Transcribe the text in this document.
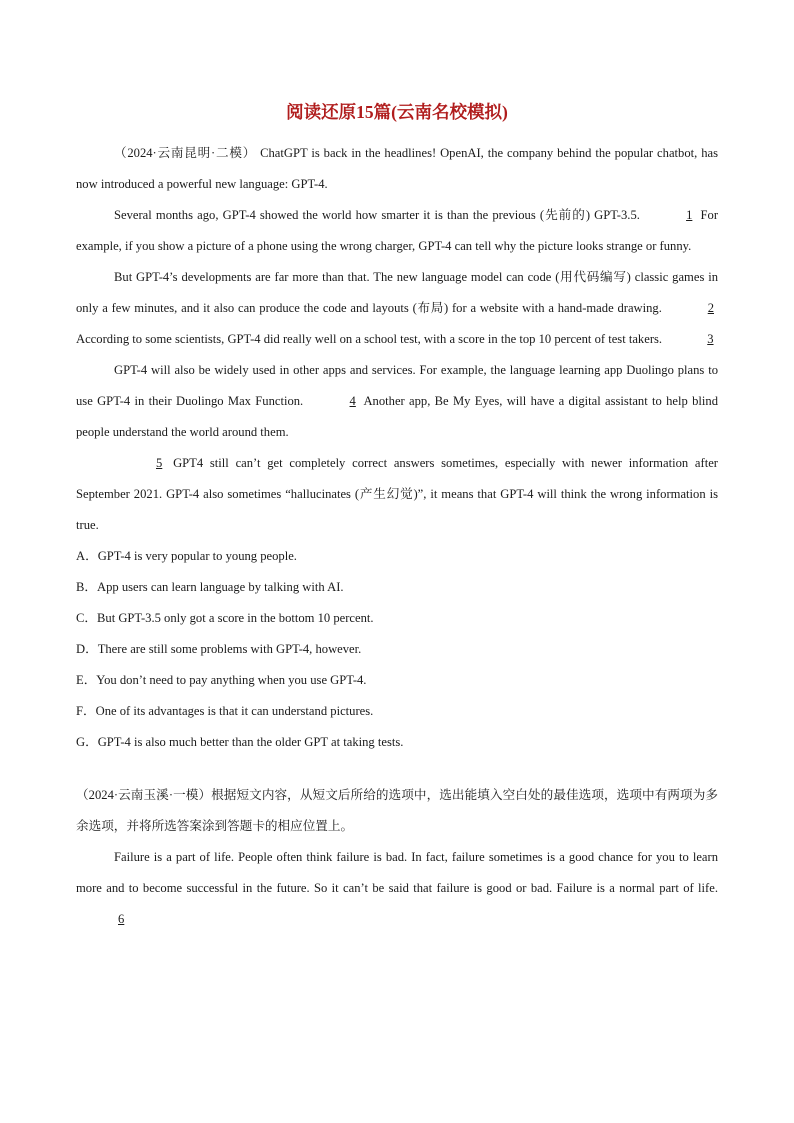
阅读还原15篇(云南名校模拟)

（2024·云南昆明·二模） ChatGPT is back in the headlines! OpenAI, the company behind the popular chatbot, has now introduced a powerful new language: GPT-4.

Several months ago, GPT-4 showed the world how smarter it is than the previous (先前的) GPT-3.5.	1 For example, if you show a picture of a phone using the wrong charger, GPT-4 can tell why the picture looks strange or funny.

But GPT-4’s developments are far more than that. The new language model can code (用代码编写) classic games in only a few minutes, and it also can produce the code and layouts (布局) for a website with a hand-made drawing.	2 According to some scientists, GPT-4 did really well on a school test, with a score in the top 10 percent of test takers.	3

GPT-4 will also be widely used in other apps and services. For example, the language learning app Duolingo plans to use GPT-4 in their Duolingo Max Function.	4 Another app, Be My Eyes, will have a digital assistant to help blind people understand the world around them.

5 GPT4 still can’t get completely correct answers sometimes, especially with newer information after September 2021. GPT-4 also sometimes “hallucinates (产生幻觉)”, it means that GPT-4 will think the wrong information is true.

A．GPT-4 is very popular to young people.

B．App users can learn language by talking with AI.

C．But GPT-3.5 only got a score in the bottom 10 percent.

D．There are still some problems with GPT-4, however.

E．You don’t need to pay anything when you use GPT-4.

F．One of its advantages is that it can understand pictures.

G．GPT-4 is also much better than the older GPT at taking tests.

（2024·云南玉溪·一模）根据短文内容，从短文后所给的选项中，选出能填入空白处的最佳选项，选项中有两项为多余选项，并将所选答案涂到答题卡的相应位置上。

Failure is a part of life. People often think failure is bad. In fact, failure sometimes is a good chance for you to learn more and to become successful in the future. So it can’t be said that failure is good or bad. Failure is a normal part of life. 6
